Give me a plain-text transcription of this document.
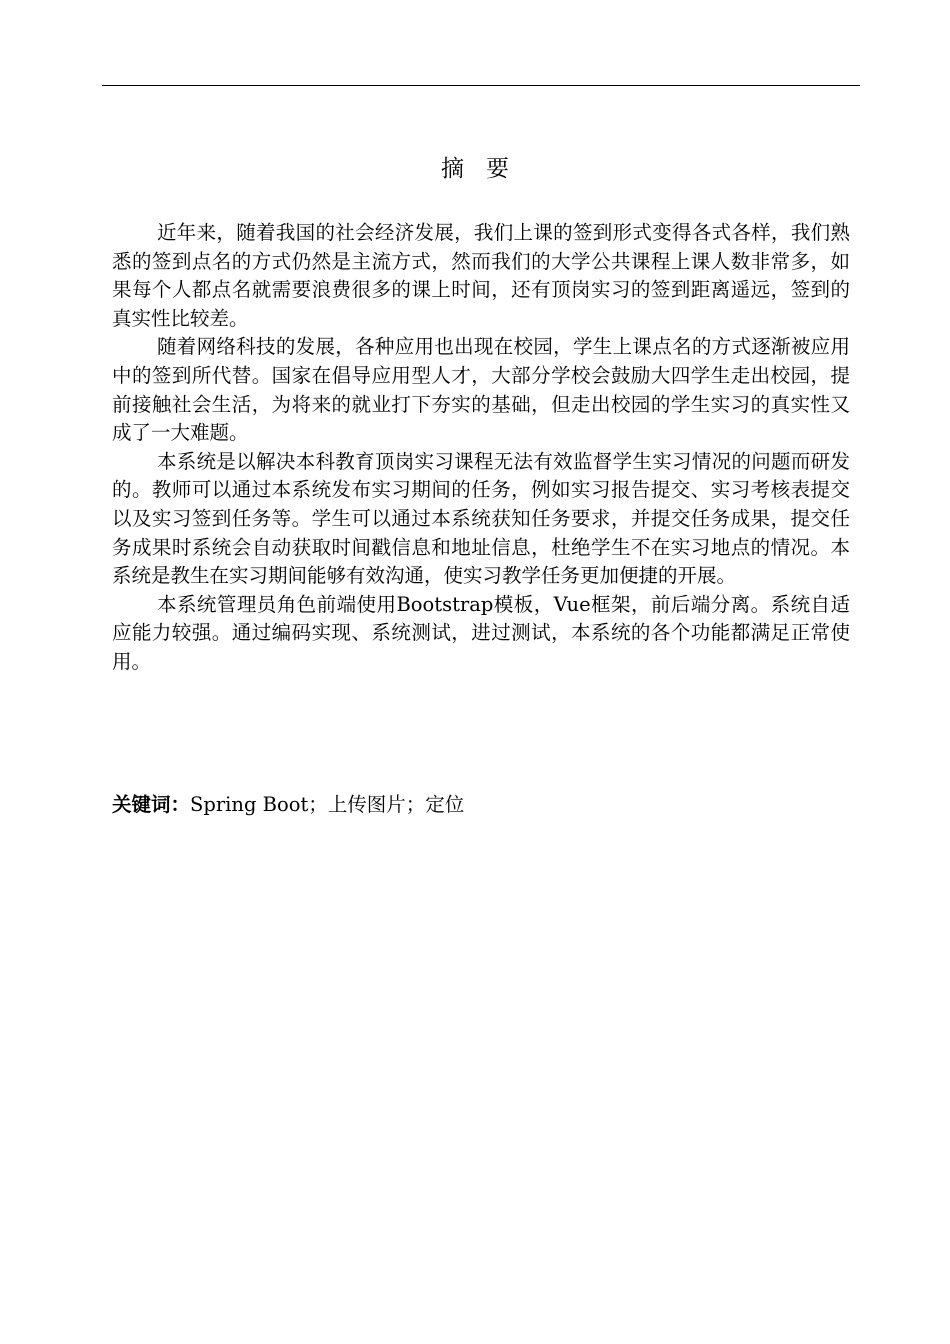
摘 要

近年来，随着我国的社会经济发展，我们上课的签到形式变得各式各样，我们熟悉的签到点名的方式仍然是主流方式，然而我们的大学公共课程上课人数非常多，如果每个人都点名就需要浪费很多的课上时间，还有顶岗实习的签到距离遥远，签到的真实性比较差。

随着网络科技的发展，各种应用也出现在校园，学生上课点名的方式逐渐被应用中的签到所代替。国家在倡导应用型人才，大部分学校会鼓励大四学生走出校园，提前接触社会生活，为将来的就业打下夯实的基础，但走出校园的学生实习的真实性又成了一大难题。

本系统是以解决本科教育顶岗实习课程无法有效监督学生实习情况的问题而研发的。教师可以通过本系统发布实习期间的任务，例如实习报告提交、实习考核表提交以及实习签到任务等。学生可以通过本系统获知任务要求，并提交任务成果，提交任务成果时系统会自动获取时间戳信息和地址信息，杜绝学生不在实习地点的情况。本系统是教生在实习期间能够有效沟通，使实习教学任务更加便捷的开展。

本系统管理员角色前端使用Bootstrap模板，Vue框架，前后端分离。系统自适应能力较强。通过编码实现、系统测试，进过测试，本系统的各个功能都满足正常使用。

关键词：Spring Boot；上传图片；定位
